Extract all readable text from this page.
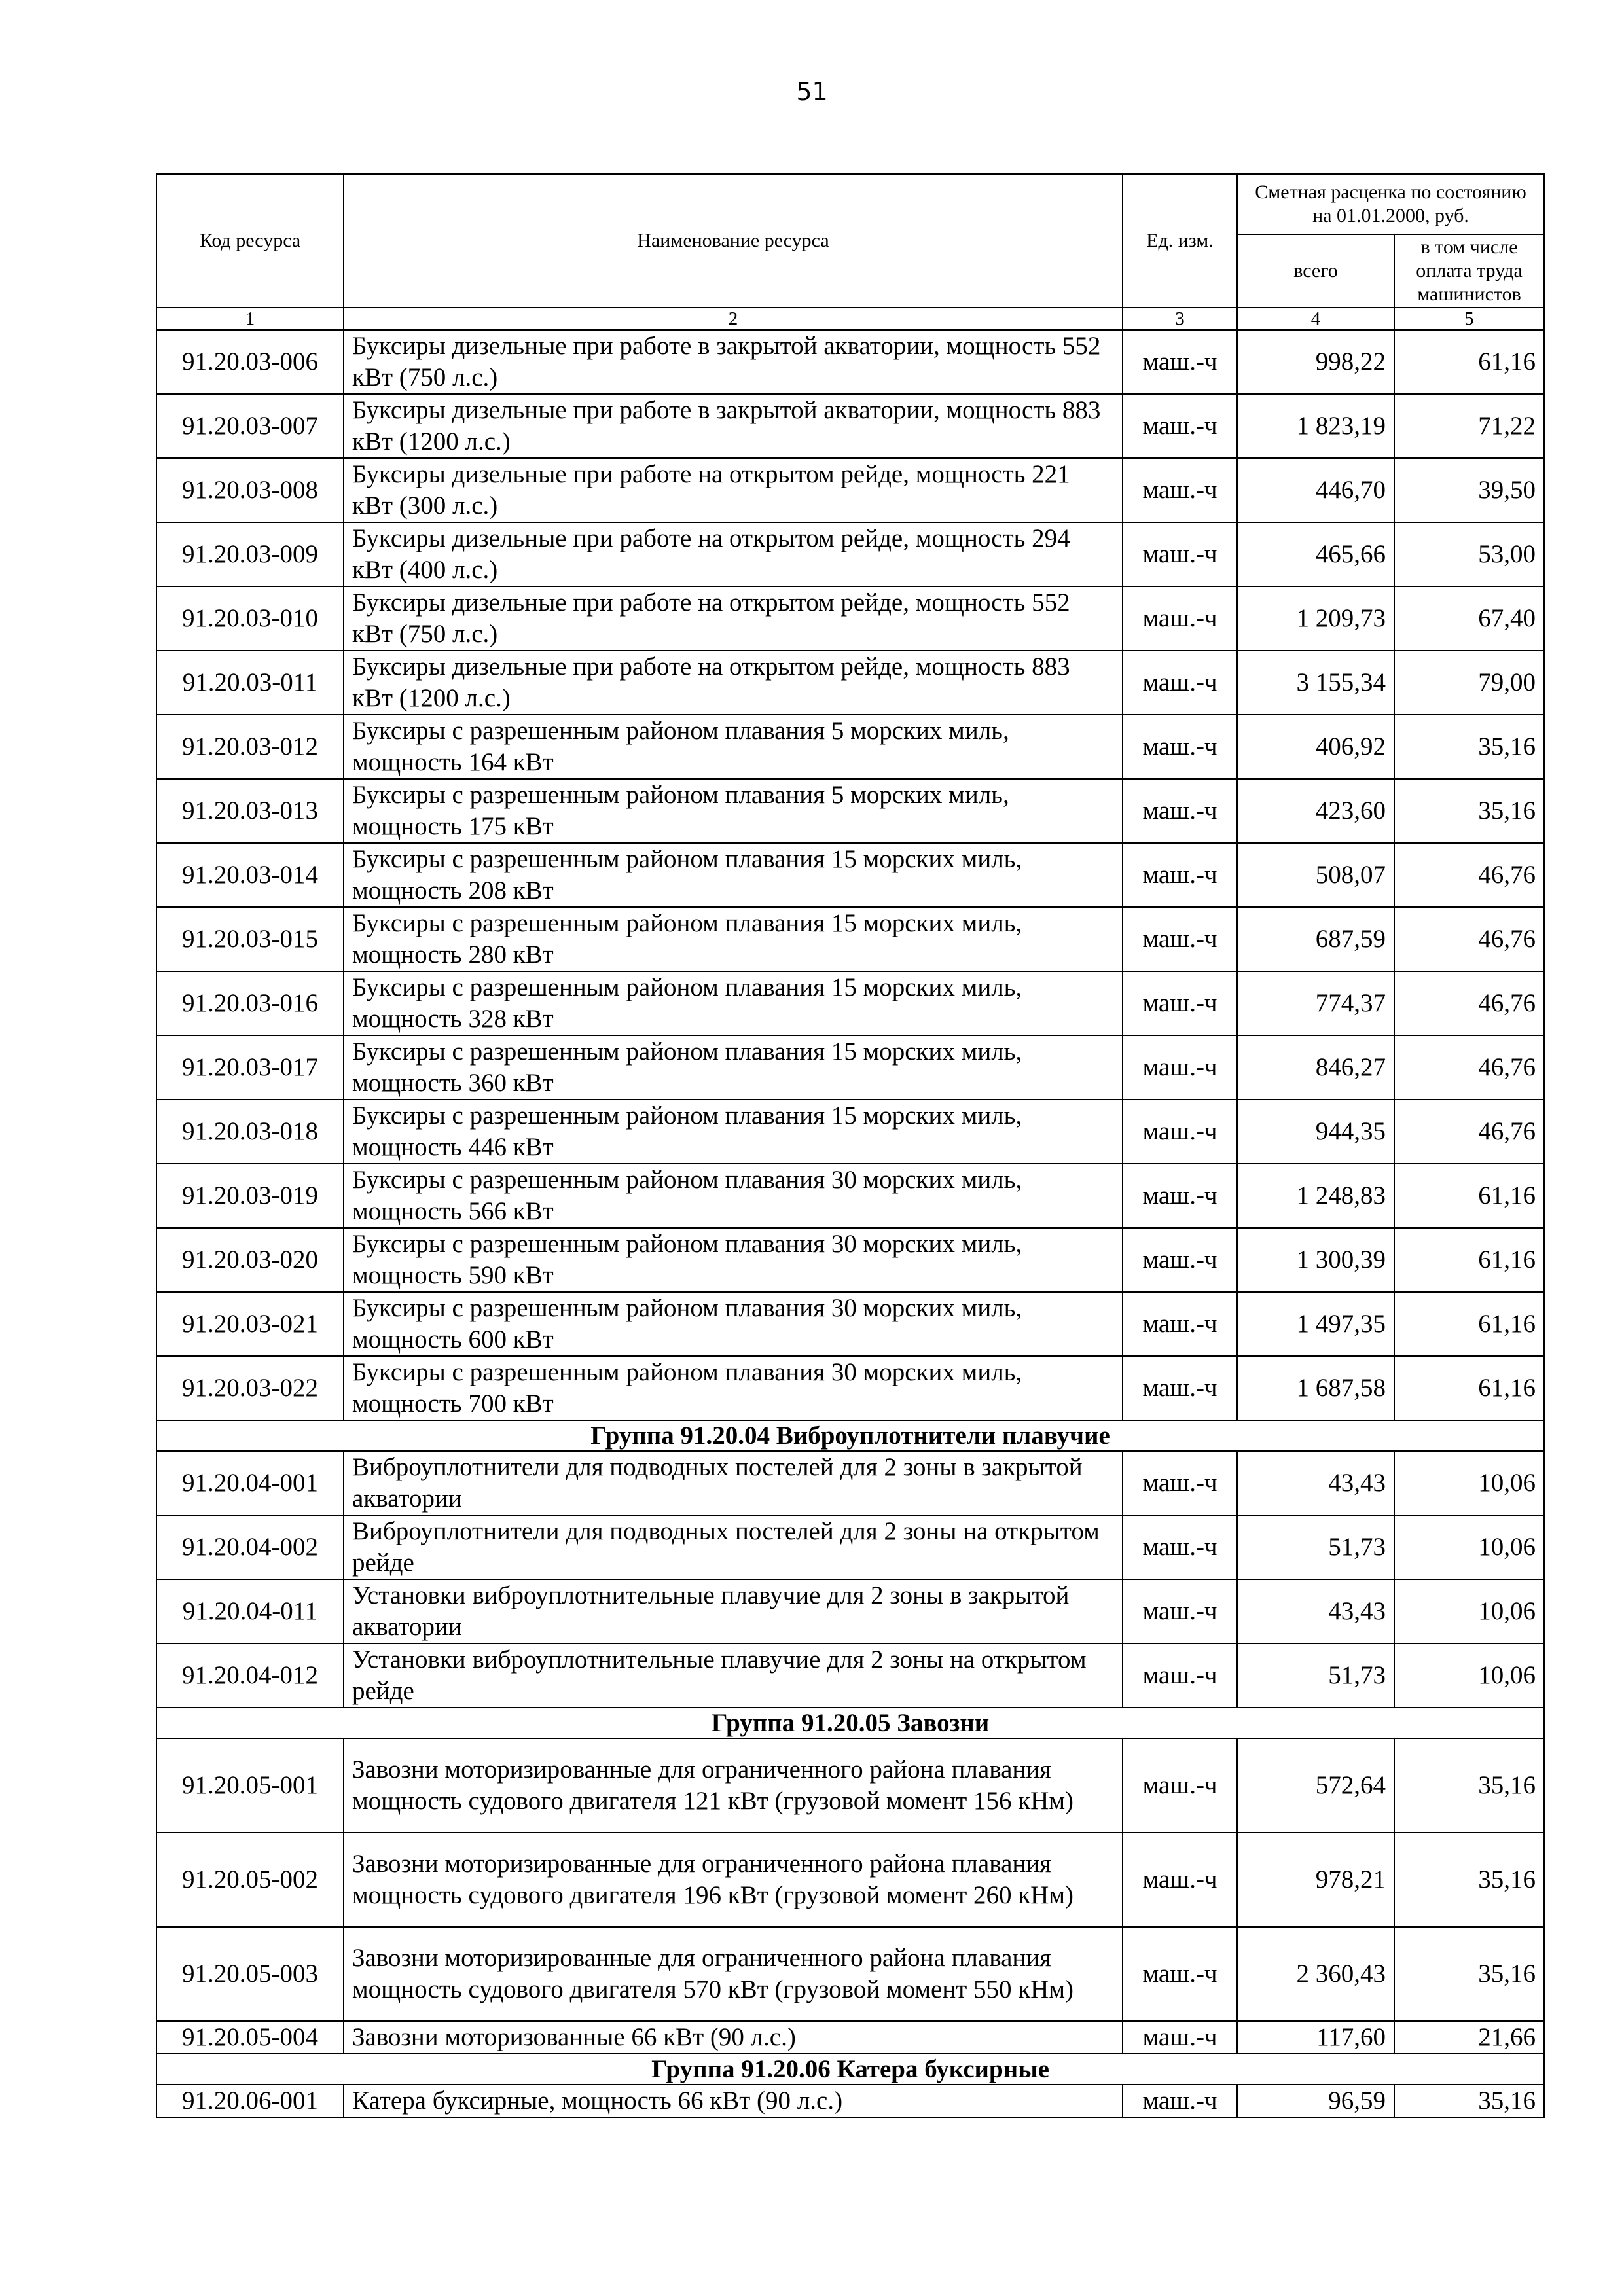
51
Код ресурса	Наименование ресурса	Ед. изм.	Сметная расценка по состоянию на 01.01.2000, руб.	
			всего	в том числе оплата труда машинистов
1	2	3	4	5
91.20.03-006	Буксиры дизельные при работе в закрытой акватории, мощность 552 кВт (750 л.с.)	маш.-ч	998,22	61,16
91.20.03-007	Буксиры дизельные при работе в закрытой акватории, мощность 883 кВт (1200 л.с.)	маш.-ч	1 823,19	71,22
91.20.03-008	Буксиры дизельные при работе на открытом рейде, мощность 221 кВт (300 л.с.)	маш.-ч	446,70	39,50
91.20.03-009	Буксиры дизельные при работе на открытом рейде, мощность 294 кВт (400 л.с.)	маш.-ч	465,66	53,00
91.20.03-010	Буксиры дизельные при работе на открытом рейде, мощность 552 кВт (750 л.с.)	маш.-ч	1 209,73	67,40
91.20.03-011	Буксиры дизельные при работе на открытом рейде, мощность 883 кВт (1200 л.с.)	маш.-ч	3 155,34	79,00
91.20.03-012	Буксиры с разрешенным районом плавания 5 морских миль, мощность 164 кВт	маш.-ч	406,92	35,16
91.20.03-013	Буксиры с разрешенным районом плавания 5 морских миль, мощность 175 кВт	маш.-ч	423,60	35,16
91.20.03-014	Буксиры с разрешенным районом плавания 15 морских миль, мощность 208 кВт	маш.-ч	508,07	46,76
91.20.03-015	Буксиры с разрешенным районом плавания 15 морских миль, мощность 280 кВт	маш.-ч	687,59	46,76
91.20.03-016	Буксиры с разрешенным районом плавания 15 морских миль, мощность 328 кВт	маш.-ч	774,37	46,76
91.20.03-017	Буксиры с разрешенным районом плавания 15 морских миль, мощность 360 кВт	маш.-ч	846,27	46,76
91.20.03-018	Буксиры с разрешенным районом плавания 15 морских миль, мощность 446 кВт	маш.-ч	944,35	46,76
91.20.03-019	Буксиры с разрешенным районом плавания 30 морских миль, мощность 566 кВт	маш.-ч	1 248,83	61,16
91.20.03-020	Буксиры с разрешенным районом плавания 30 морских миль, мощность 590 кВт	маш.-ч	1 300,39	61,16
91.20.03-021	Буксиры с разрешенным районом плавания 30 морских миль, мощность 600 кВт	маш.-ч	1 497,35	61,16
91.20.03-022	Буксиры с разрешенным районом плавания 30 морских миль, мощность 700 кВт	маш.-ч	1 687,58	61,16
Группа 91.20.04 Виброуплотнители плавучие				
91.20.04-001	Виброуплотнители для подводных постелей для 2 зоны в закрытой акватории	маш.-ч	43,43	10,06
91.20.04-002	Виброуплотнители для подводных постелей для 2 зоны на открытом рейде	маш.-ч	51,73	10,06
91.20.04-011	Установки виброуплотнительные плавучие для 2 зоны в закрытой акватории	маш.-ч	43,43	10,06
91.20.04-012	Установки виброуплотнительные плавучие для 2 зоны на открытом рейде	маш.-ч	51,73	10,06
Группа 91.20.05 Завозни				
91.20.05-001	Завозни моторизированные для ограниченного района плавания мощность судового двигателя 121 кВт (грузовой момент 156 кНм)	маш.-ч	572,64	35,16
91.20.05-002	Завозни моторизированные для ограниченного района плавания мощность судового двигателя 196 кВт (грузовой момент 260 кНм)	маш.-ч	978,21	35,16
91.20.05-003	Завозни моторизированные для ограниченного района плавания мощность судового двигателя 570 кВт (грузовой момент 550 кНм)	маш.-ч	2 360,43	35,16
91.20.05-004	Завозни моторизованные 66 кВт (90 л.с.)	маш.-ч	117,60	21,66
Группа 91.20.06 Катера буксирные				
91.20.06-001	Катера буксирные, мощность 66 кВт (90 л.с.)	маш.-ч	96,59	35,16
